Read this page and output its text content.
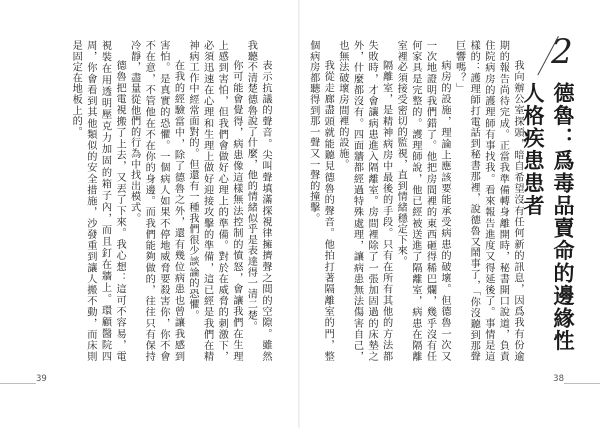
表示抗議的聲音。尖叫聲填滿探視律擁擠聲之間的空隙。雖然我聽不清楚德魯說了什麼，他的情緒似乎是表達得一清二楚。

你可能會覺得，病患像這樣無法控制的憤怒，會讓我們在生理上感到害怕，但我們會做好心理上的準備。對於在威脅的刺激下，必須迅速在心理和生理上做好迎接攻擊的準備，這已經是我們在精神病工作中經常面對的。但還有一種我們很少談論的恐懼。

在我的經驗當中，除了德魯之外，還有幾位病患也曾讓我感到害怕。是真實的恐懼。一個病人如果不停地威脅要殺害你，你不會不在意，不管他在不在你的身邊。而我們能夠做的，往往只有保持冷靜，盡量從他們的行為中找出模式。

德魯把電視搬了上去，又丟了下來。我心想：這可不容易，電視裝在用透明壓克力加固的箱子內，而且釘在牆上。環顧醫院四周，你會看到其他類似的安全措施，沙發重到讓人搬不動，而床則是固定在地板上的。

39
2
德魯：爲毒品賣命的邊緣性人格疾患患者

我向辦公室探頭，暗自希望沒有任何新的訊息，因爲我有份逾期的報告尚待完成。正當我準備轉身離開時，秘書開口說道，負責住院病房的護理師有事找我。看來報告進度又得延後了。事情是這樣的：護理師打電話到秘書那裡，說德魯又鬧事了，「你沒聽到那聲巨響嗎？」

病房的設施，理論上應該要能承受病患的破壞。但德魯一次又一次地證明我們錯了。他把房間裡的東西砸得稀巴爛，幾乎沒有任何家具是完整的。護理師說，他已經被送進了隔離室，病患在隔離室裡必須接受密切的監視，直到情緒穩定下來。

隔離室，是精神病房中最後的手段。只有在所有其他的方法都失敗時，才會讓病患進入隔離室。房間裡除了一張加固過的床墊之外，什麼都沒有。四面牆都經過特殊處理，讓病患無法傷害自己，也無法破壞房間裡的設施。

我從走廊盡頭就能聽見德魯的聲音。他拍打著隔離室的門，整個病房都聽得到那一聲又一聲的撞擊。

38
